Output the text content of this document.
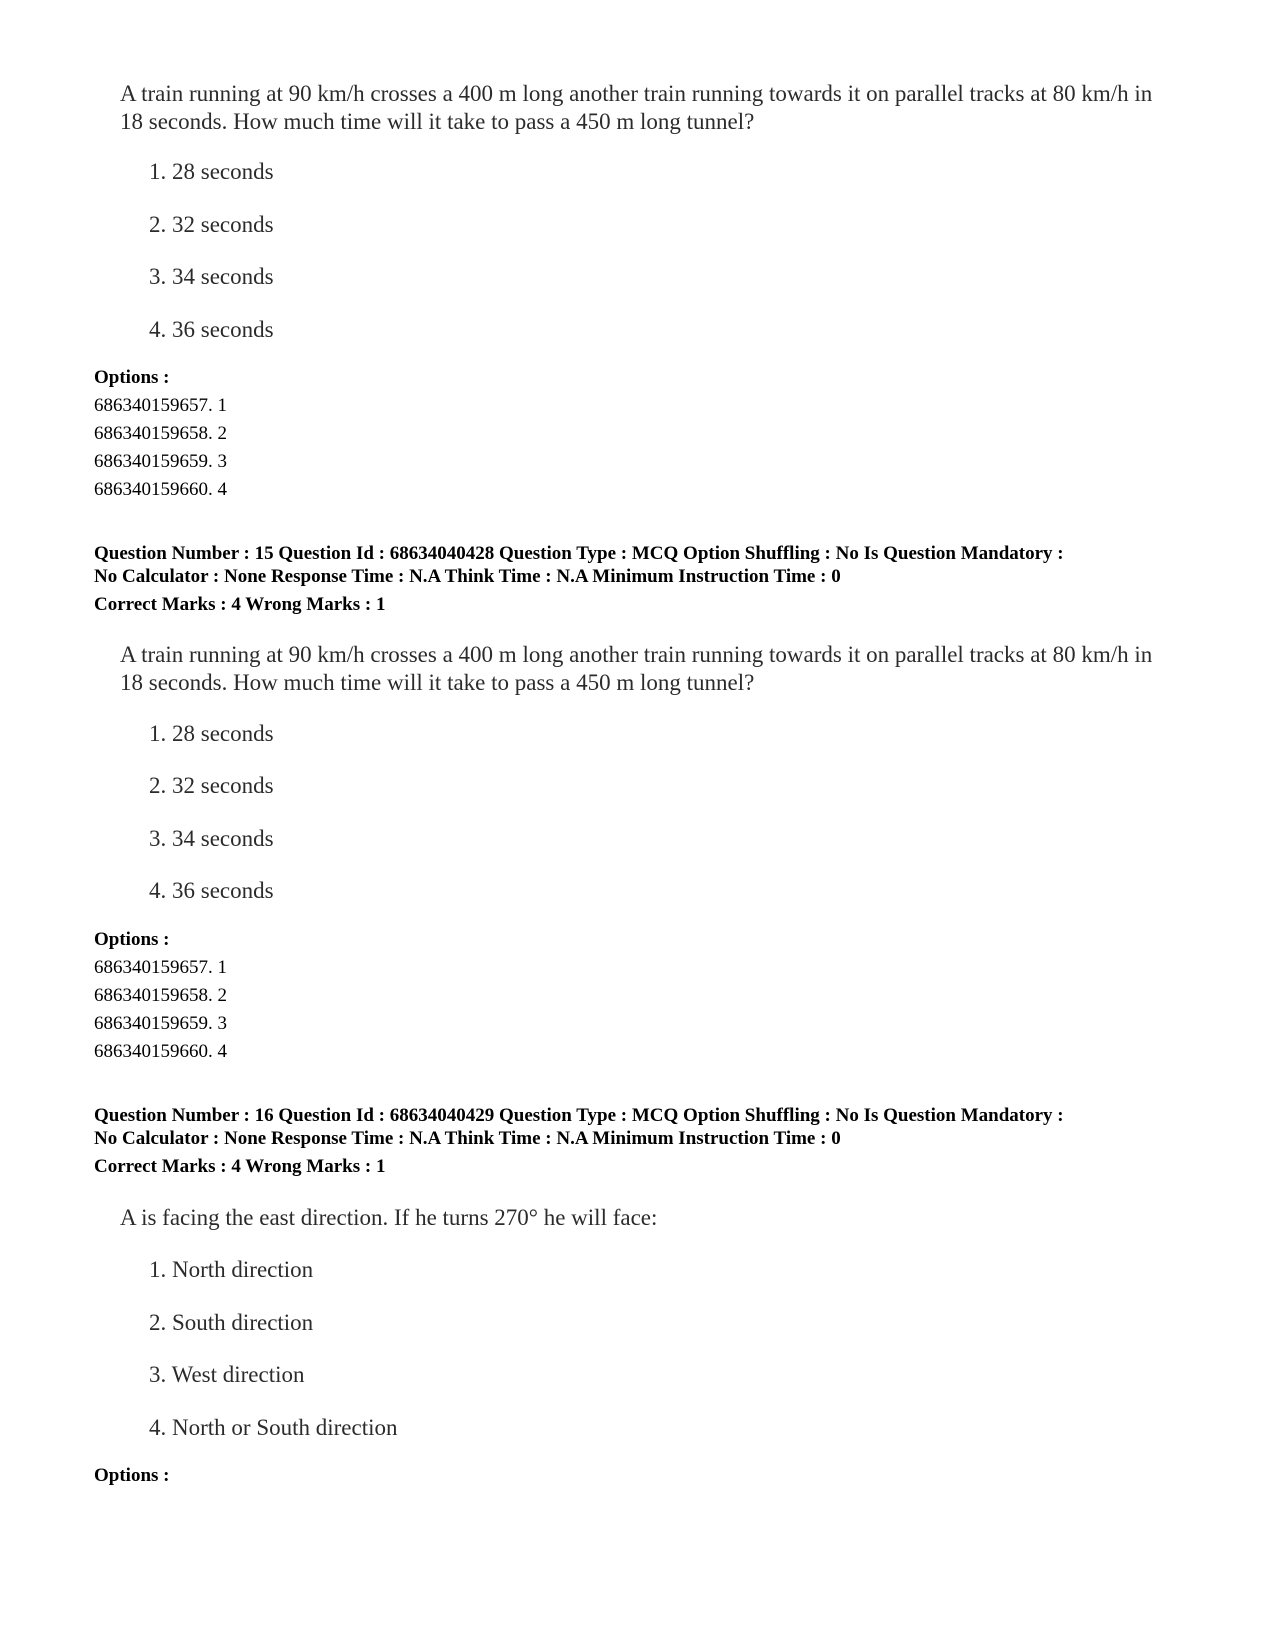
A train running at 90 km/h crosses a 400 m long another train running towards it on parallel tracks at 80 km/h in 18 seconds. How much time will it take to pass a 450 m long tunnel?
1. 28 seconds
2. 32 seconds
3. 34 seconds
4. 36 seconds
Options :
686340159657. 1
686340159658. 2
686340159659. 3
686340159660. 4
Question Number : 15 Question Id : 68634040428 Question Type : MCQ Option Shuffling : No Is Question Mandatory :
No Calculator : None Response Time : N.A Think Time : N.A Minimum Instruction Time : 0
Correct Marks : 4 Wrong Marks : 1
A train running at 90 km/h crosses a 400 m long another train running towards it on parallel tracks at 80 km/h in 18 seconds. How much time will it take to pass a 450 m long tunnel?
1. 28 seconds
2. 32 seconds
3. 34 seconds
4. 36 seconds
Options :
686340159657. 1
686340159658. 2
686340159659. 3
686340159660. 4
Question Number : 16 Question Id : 68634040429 Question Type : MCQ Option Shuffling : No Is Question Mandatory :
No Calculator : None Response Time : N.A Think Time : N.A Minimum Instruction Time : 0
Correct Marks : 4 Wrong Marks : 1
A is facing the east direction. If he turns 270° he will face:
1. North direction
2. South direction
3. West direction
4. North or South direction
Options :
